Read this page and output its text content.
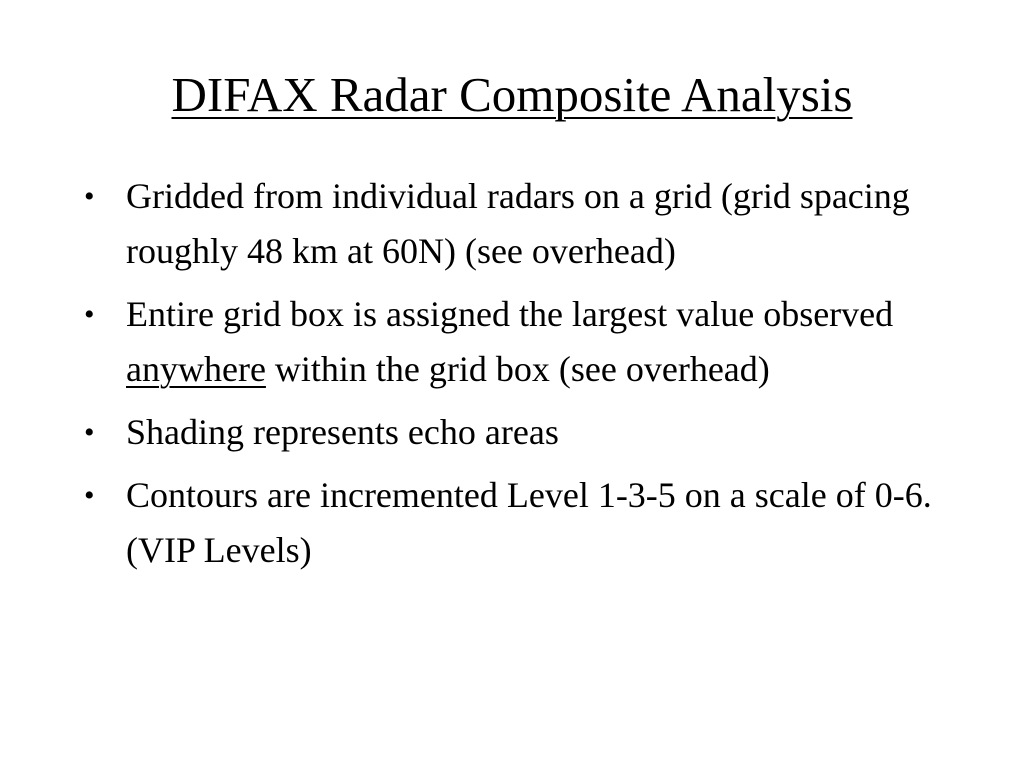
DIFAX Radar Composite Analysis
• Gridded from individual radars on a grid (grid spacing roughly 48 km at 60N) (see overhead)
• Entire grid box is assigned the largest value observed anywhere within the grid box (see overhead)
• Shading represents echo areas
• Contours are incremented Level 1-3-5 on a scale of 0-6. (VIP Levels)
